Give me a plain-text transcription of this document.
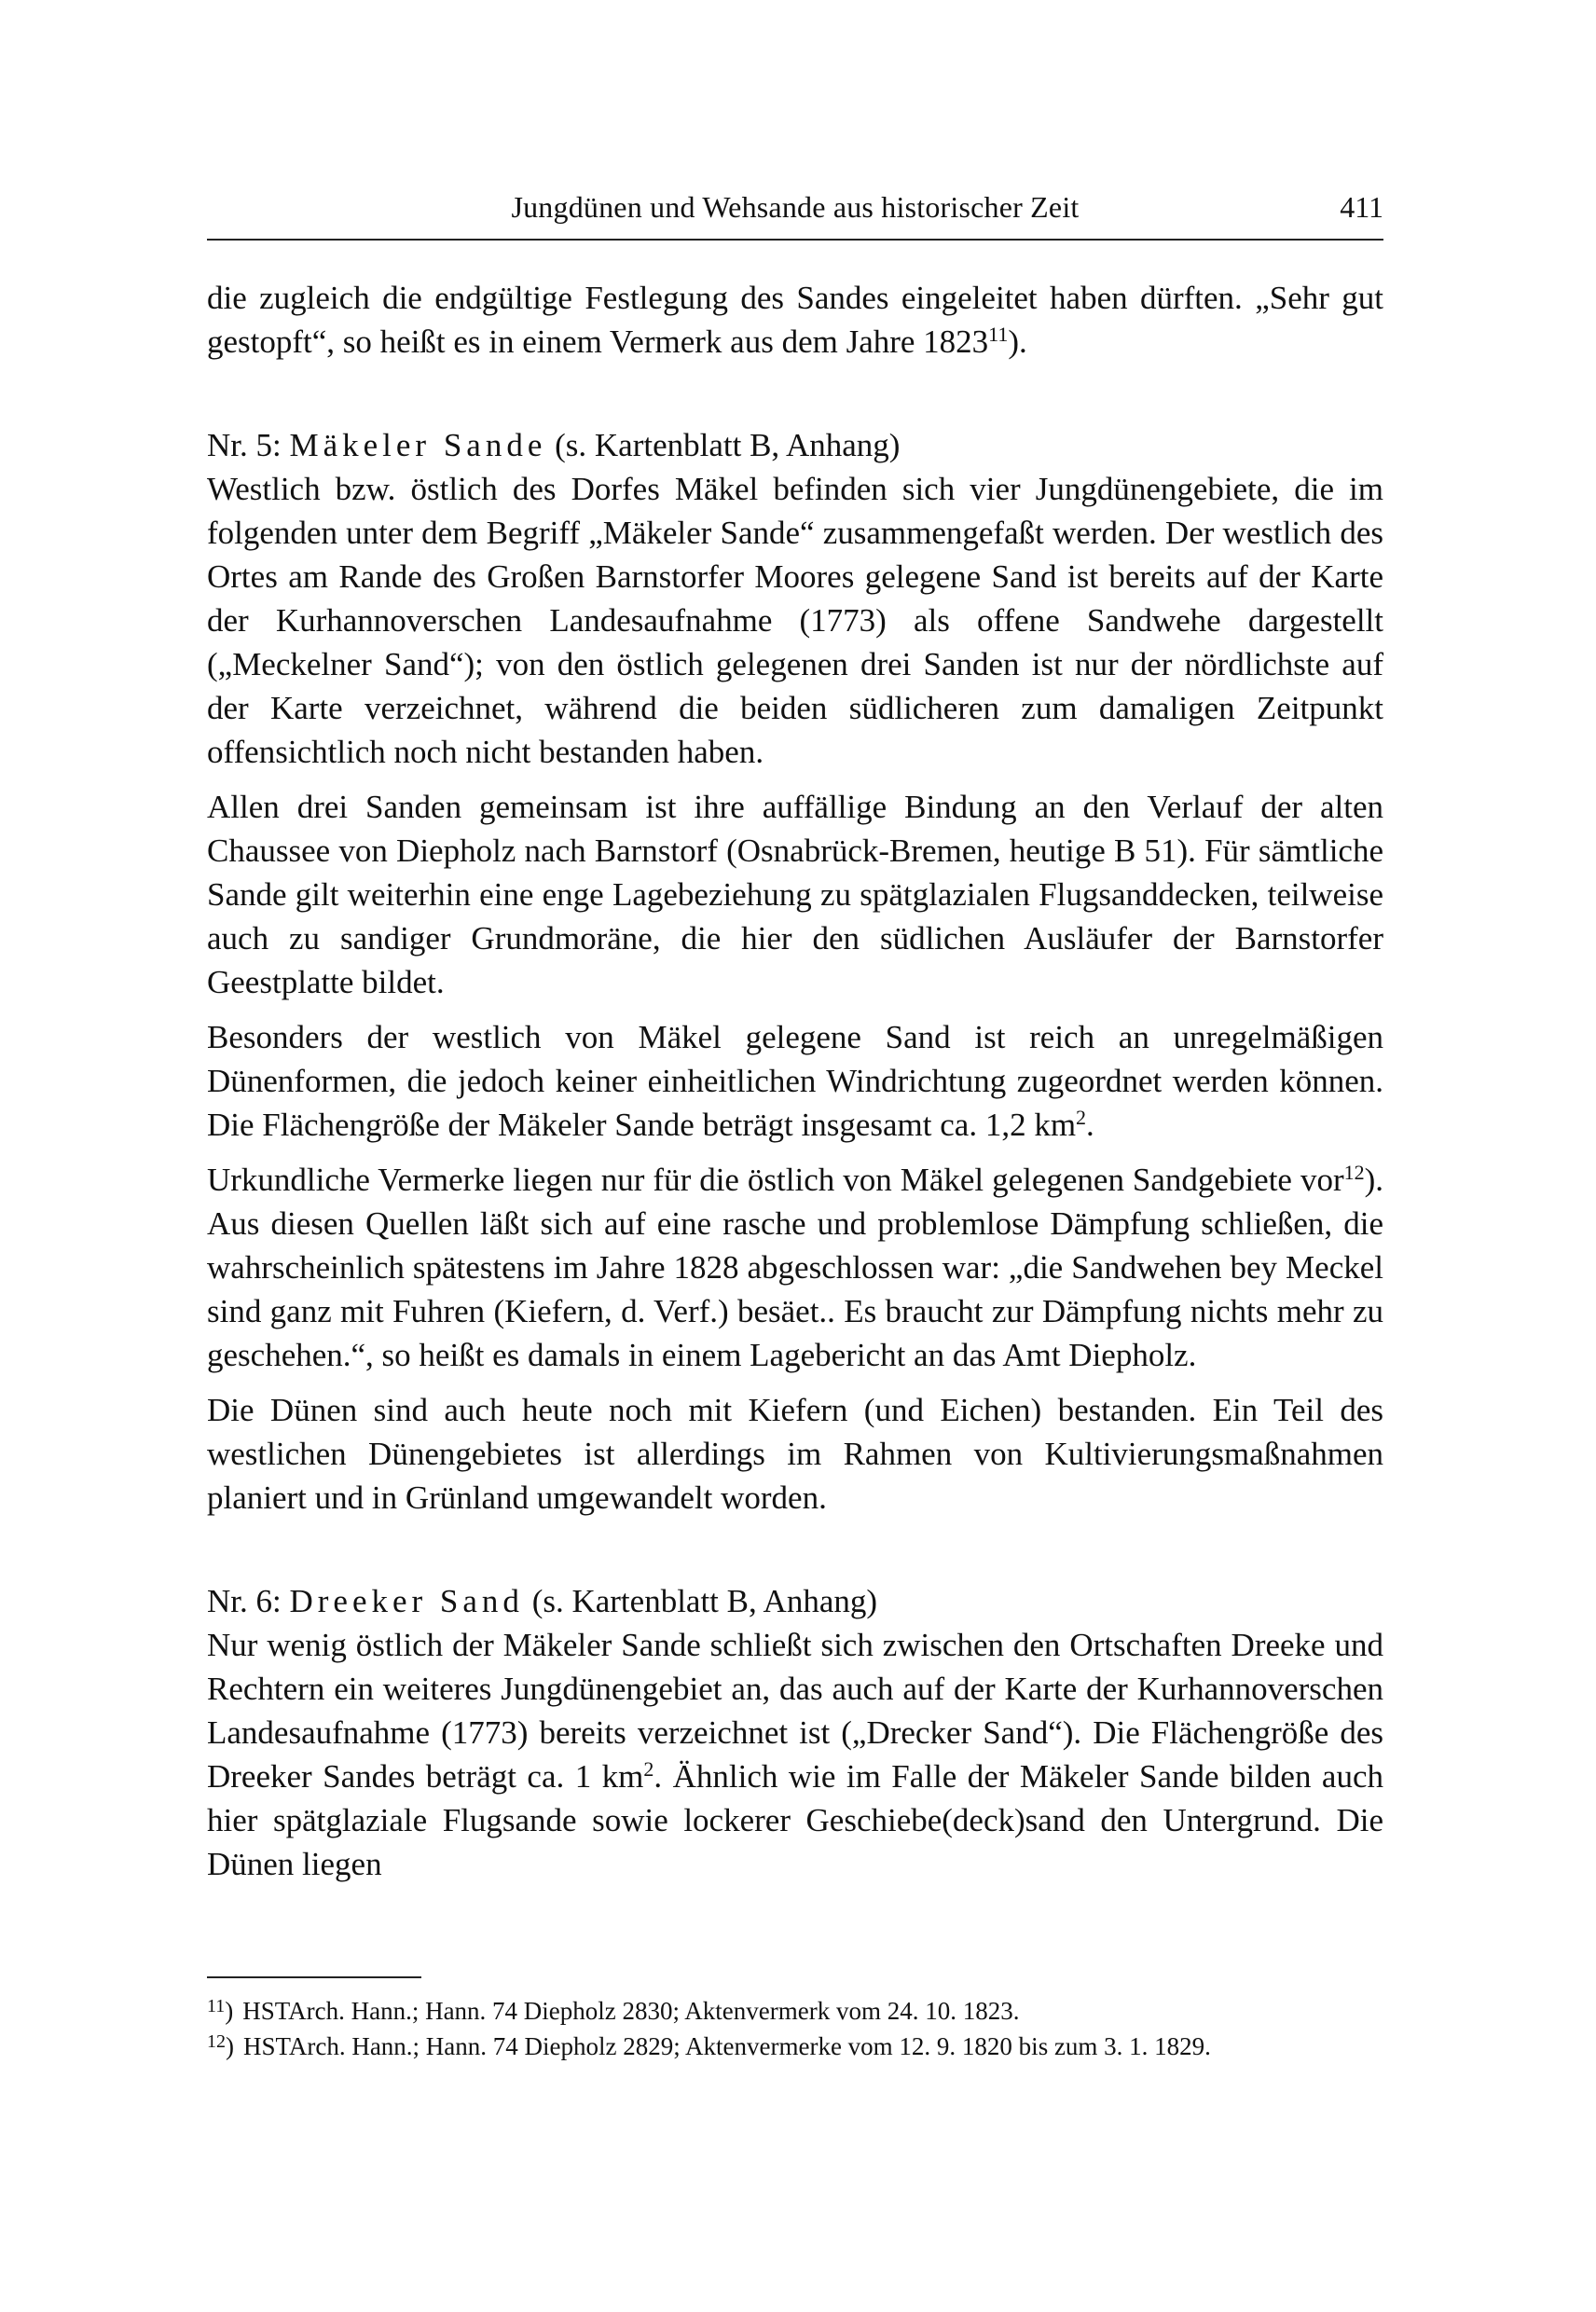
Jungdünen und Wehsande aus historischer Zeit	411

die zugleich die endgültige Festlegung des Sandes eingeleitet haben dürften. „Sehr gut gestopft“, so heißt es in einem Vermerk aus dem Jahre 1823$^{11}$).

Nr. 5: Mäkeler Sande (s. Kartenblatt B, Anhang)

Westlich bzw. östlich des Dorfes Mäkel befinden sich vier Jungdünengebiete, die im folgenden unter dem Begriff „Mäkeler Sande“ zusammengefaßt werden. Der westlich des Ortes am Rande des Großen Barnstorfer Moores gelegene Sand ist bereits auf der Karte der Kurhannoverschen Landesaufnahme (1773) als offene Sandwehe dargestellt („Meckelner Sand“); von den östlich gelegenen drei Sanden ist nur der nördlichste auf der Karte verzeichnet, während die beiden südlicheren zum damaligen Zeitpunkt offensichtlich noch nicht bestanden haben.

Allen drei Sanden gemeinsam ist ihre auffällige Bindung an den Verlauf der alten Chaussee von Diepholz nach Barnstorf (Osnabrück-Bremen, heutige B 51). Für sämtliche Sande gilt weiterhin eine enge Lagebeziehung zu spätglazialen Flugsanddecken, teilweise auch zu sandiger Grundmoräne, die hier den südlichen Ausläufer der Barnstorfer Geestplatte bildet.

Besonders der westlich von Mäkel gelegene Sand ist reich an unregelmäßigen Dünenformen, die jedoch keiner einheitlichen Windrichtung zugeordnet werden können. Die Flächengröße der Mäkeler Sande beträgt insgesamt ca. 1,2 $km^2$.

Urkundliche Vermerke liegen nur für die östlich von Mäkel gelegenen Sandgebiete vor$^{12}$). Aus diesen Quellen läßt sich auf eine rasche und problemlose Dämpfung schließen, die wahrscheinlich spätestens im Jahre 1828 abgeschlossen war: „die Sandwehen bey Meckel sind ganz mit Fuhren (Kiefern, d. Verf.) besäet.. Es braucht zur Dämpfung nichts mehr zu geschehen.“, so heißt es damals in einem Lagebericht an das Amt Diepholz.

Die Dünen sind auch heute noch mit Kiefern (und Eichen) bestanden. Ein Teil des westlichen Dünengebietes ist allerdings im Rahmen von Kultivierungsmaßnahmen planiert und in Grünland umgewandelt worden.

Nr. 6: Dreeker Sand (s. Kartenblatt B, Anhang)

Nur wenig östlich der Mäkeler Sande schließt sich zwischen den Ortschaften Dreeke und Rechtern ein weiteres Jungdünengebiet an, das auch auf der Karte der Kurhannoverschen Landesaufnahme (1773) bereits verzeichnet ist („Drecker Sand“). Die Flächengröße des Dreeker Sandes beträgt ca. 1 $km^2$. Ähnlich wie im Falle der Mäkeler Sande bilden auch hier spätglaziale Flugsande sowie lockerer Geschiebe(deck)sand den Untergrund. Die Dünen liegen

$^{11}$) HSTArch. Hann.; Hann. 74 Diepholz 2830; Aktenvermerk vom 24. 10. 1823.
$^{12}$) HSTArch. Hann.; Hann. 74 Diepholz 2829; Aktenvermerke vom 12. 9. 1820 bis zum 3. 1. 1829.
